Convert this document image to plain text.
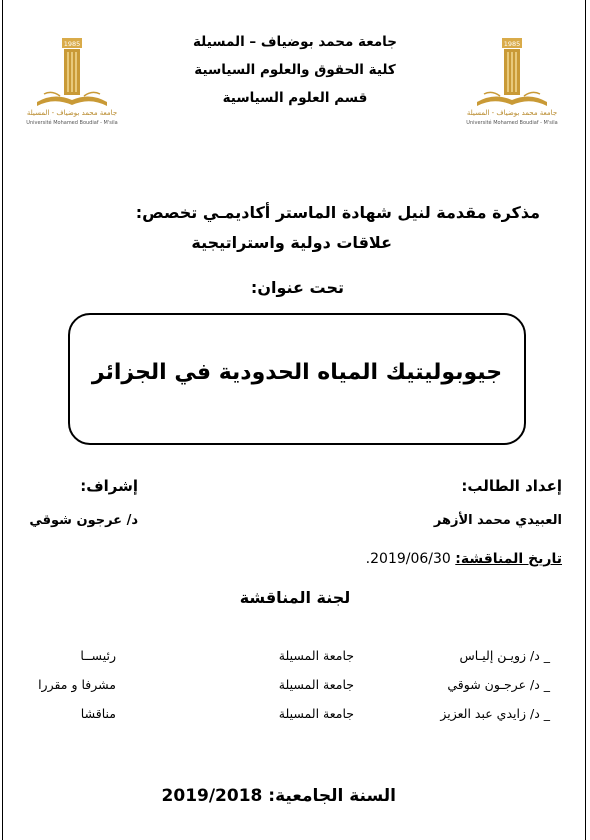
1985
جامعة محمد بوضياف - المسيلة
Université Mohamed Boudiaf - M'sila
1985
جامعة محمد بوضياف - المسيلة
Université Mohamed Boudiaf - M'sila
جامعة محمد بوضياف – المسيلة
كلية الحقوق والعلوم السياسية
قسم العلوم السياسية
مذكرة مقدمة لنيل شهادة الماستر أكاديمـي تخصص:
علاقات دولية واستراتيجية
تحت عنوان:
جيوبوليتيك المياه الحدودية في الجزائر
إعداد الطالب:
إشراف:
العبيدي محمد الأزهر
د/ عرجون شوقي
تاريخ المناقشة: 2019/06/30.
لجنة المناقشة
_ د/ زويـن إليـاس
جامعة المسيلة
رئيســا
_ د/ عرجـون شوقي
جامعة المسيلة
مشرفا و مقررا
_ د/ زايدي عبد العزيز
جامعة المسيلة
مناقشا
السنة الجامعية: 2019/2018
